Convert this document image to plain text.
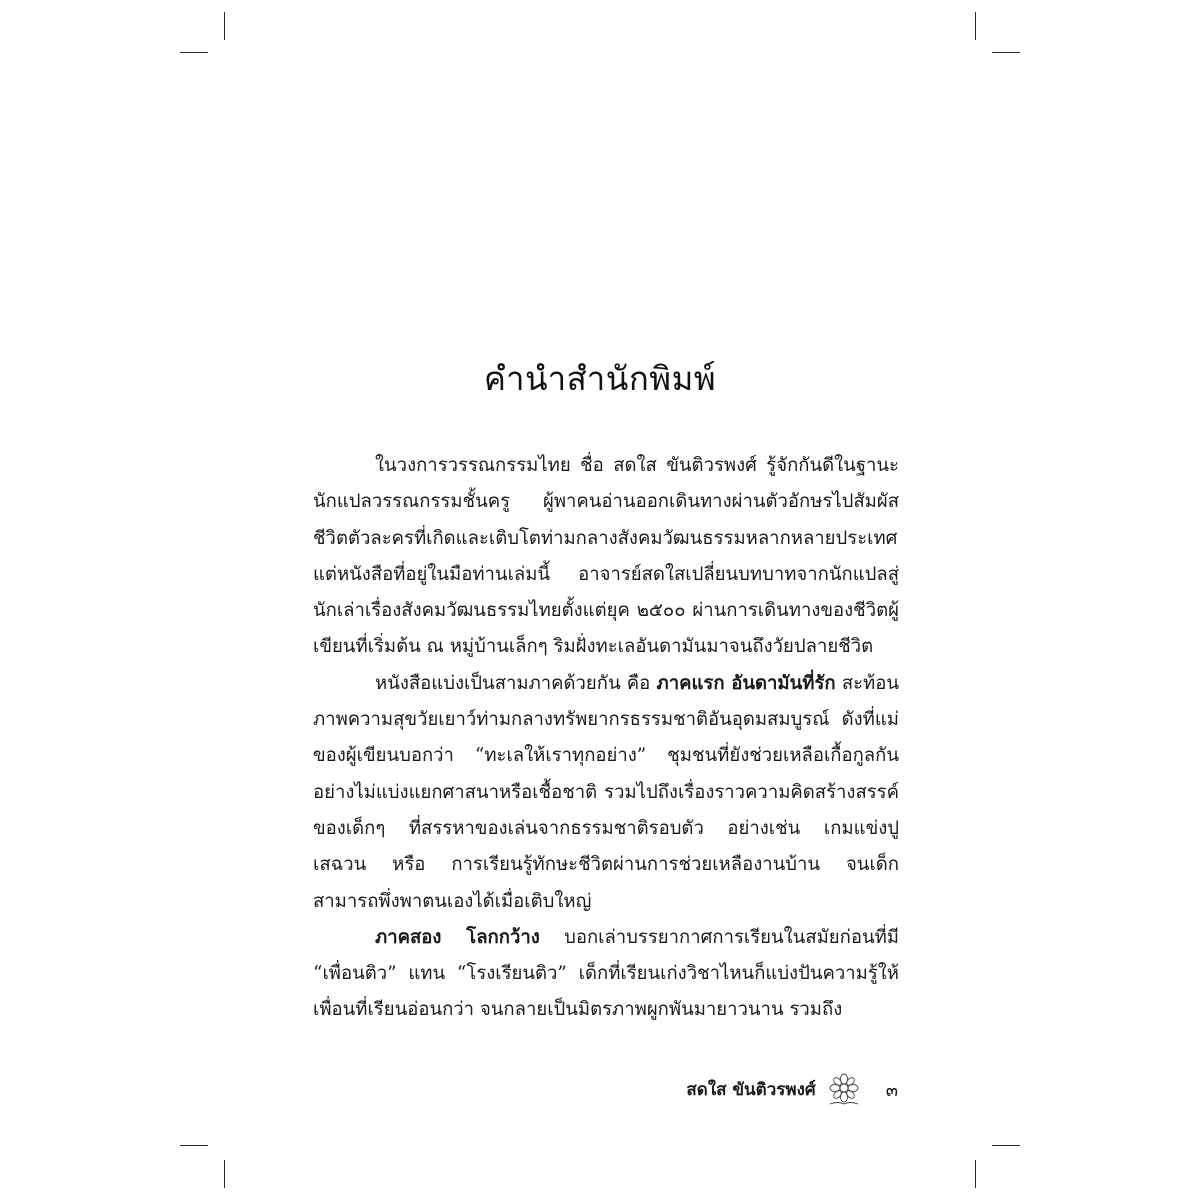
คำนำสำนักพิมพ์

ในวงการวรรณกรรมไทย ชื่อ สดใส ขันติวรพงศ์ รู้จักกันดีในฐานะนักแปลวรรณกรรมชั้นครู ผู้พาคนอ่านออกเดินทางผ่านตัวอักษรไปสัมผัสชีวิตตัวละครที่เกิดและเติบโตท่ามกลางสังคมวัฒนธรรมหลากหลายประเทศ แต่หนังสือที่อยู่ในมือท่านเล่มนี้ อาจารย์สดใสเปลี่ยนบทบาทจากนักแปลสู่นักเล่าเรื่องสังคมวัฒนธรรมไทยตั้งแต่ยุค ๒๕๐๐ ผ่านการเดินทางของชีวิตผู้เขียนที่เริ่มต้น ณ หมู่บ้านเล็กๆ ริมฝั่งทะเลอันดามันมาจนถึงวัยปลายชีวิต

หนังสือแบ่งเป็นสามภาคด้วยกัน คือ ภาคแรก อันดามันที่รัก สะท้อนภาพความสุขวัยเยาว์ท่ามกลางทรัพยากรธรรมชาติอันอุดมสมบูรณ์ ดังที่แม่ของผู้เขียนบอกว่า “ทะเลให้เราทุกอย่าง” ชุมชนที่ยังช่วยเหลือเกื้อกูลกันอย่างไม่แบ่งแยกศาสนาหรือเชื้อชาติ รวมไปถึงเรื่องราวความคิดสร้างสรรค์ของเด็กๆ ที่สรรหาของเล่นจากธรรมชาติรอบตัว อย่างเช่น เกมแข่งปูเสฉวน หรือ การเรียนรู้ทักษะชีวิตผ่านการช่วยเหลืองานบ้าน จนเด็กสามารถพึ่งพาตนเองได้เมื่อเติบใหญ่

ภาคสอง โลกกว้าง บอกเล่าบรรยากาศการเรียนในสมัยก่อนที่มี “เพื่อนติว” แทน “โรงเรียนติว” เด็กที่เรียนเก่งวิชาไหนก็แบ่งปันความรู้ให้เพื่อนที่เรียนอ่อนกว่า จนกลายเป็นมิตรภาพผูกพันมายาวนาน รวมถึง

สดใส ขันติวรพงศ์	๓
